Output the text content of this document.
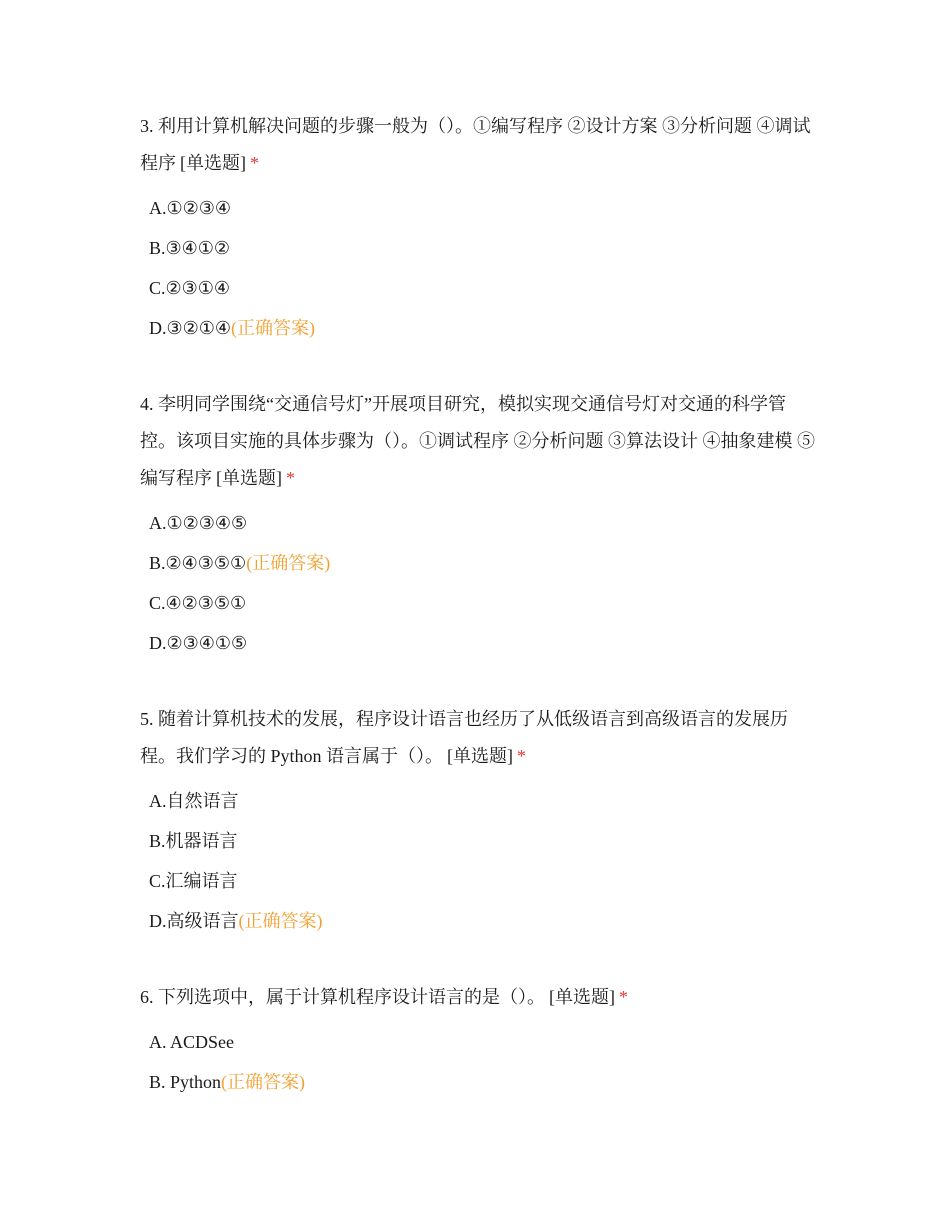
3. 利用计算机解决问题的步骤一般为（）。①编写程序 ②设计方案 ③分析问题 ④调试程序 [单选题] *

A.①②③④
B.③④①②
C.②③①④
D.③②①④(正确答案)

4. 李明同学围绕“交通信号灯”开展项目研究，模拟实现交通信号灯对交通的科学管控。该项目实施的具体步骤为（）。①调试程序 ②分析问题 ③算法设计 ④抽象建模 ⑤编写程序 [单选题] *

A.①②③④⑤
B.②④③⑤①(正确答案)
C.④②③⑤①
D.②③④①⑤

5. 随着计算机技术的发展，程序设计语言也经历了从低级语言到高级语言的发展历程。我们学习的 Python 语言属于（）。 [单选题] *

A.自然语言
B.机器语言
C.汇编语言
D.高级语言(正确答案)

6. 下列选项中，属于计算机程序设计语言的是（）。 [单选题] *

A. ACDSee
B. Python(正确答案)
